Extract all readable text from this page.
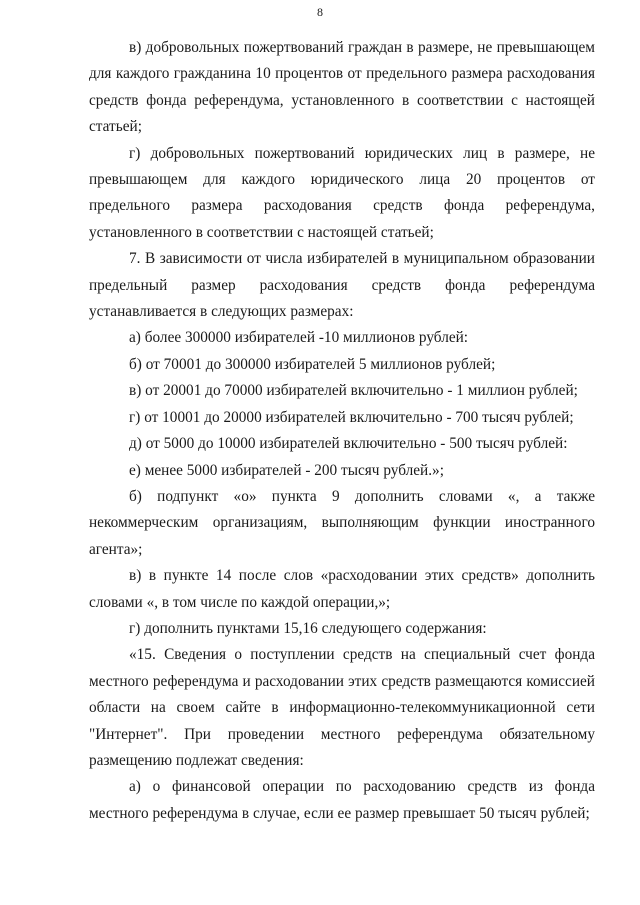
8

в) добровольных пожертвований граждан в размере, не превышающем для каждого гражданина 10 процентов от предельного размера расходования средств фонда референдума, установленного в соответствии с настоящей статьей;

г) добровольных пожертвований юридических лиц в размере, не превышающем для каждого юридического лица 20 процентов от предельного размера расходования средств фонда референдума, установленного в соответствии с настоящей статьей;

7. В зависимости от числа избирателей в муниципальном образовании предельный размер расходования средств фонда референдума устанавливается в следующих размерах:

а) более 300000 избирателей -10 миллионов рублей:

б) от 70001 до 300000 избирателей 5 миллионов рублей;

в) от 20001 до 70000 избирателей включительно - 1 миллион рублей;

г) от 10001 до 20000 избирателей включительно - 700 тысяч рублей;

д) от 5000 до 10000 избирателей включительно - 500 тысяч рублей:

е) менее 5000 избирателей - 200 тысяч рублей.»;

б) подпункт «о» пункта 9 дополнить словами «, а также некоммерческим организациям, выполняющим функции иностранного агента»;

в) в пункте 14 после слов «расходовании этих средств» дополнить словами «, в том числе по каждой операции,»;

г) дополнить пунктами 15,16 следующего содержания:

«15. Сведения о поступлении средств на специальный счет фонда местного референдума и расходовании этих средств размещаются комиссией области на своем сайте в информационно-телекоммуникационной сети "Интернет". При проведении местного референдума обязательному размещению подлежат сведения:

а) о финансовой операции по расходованию средств из фонда местного референдума в случае, если ее размер превышает 50 тысяч рублей;
